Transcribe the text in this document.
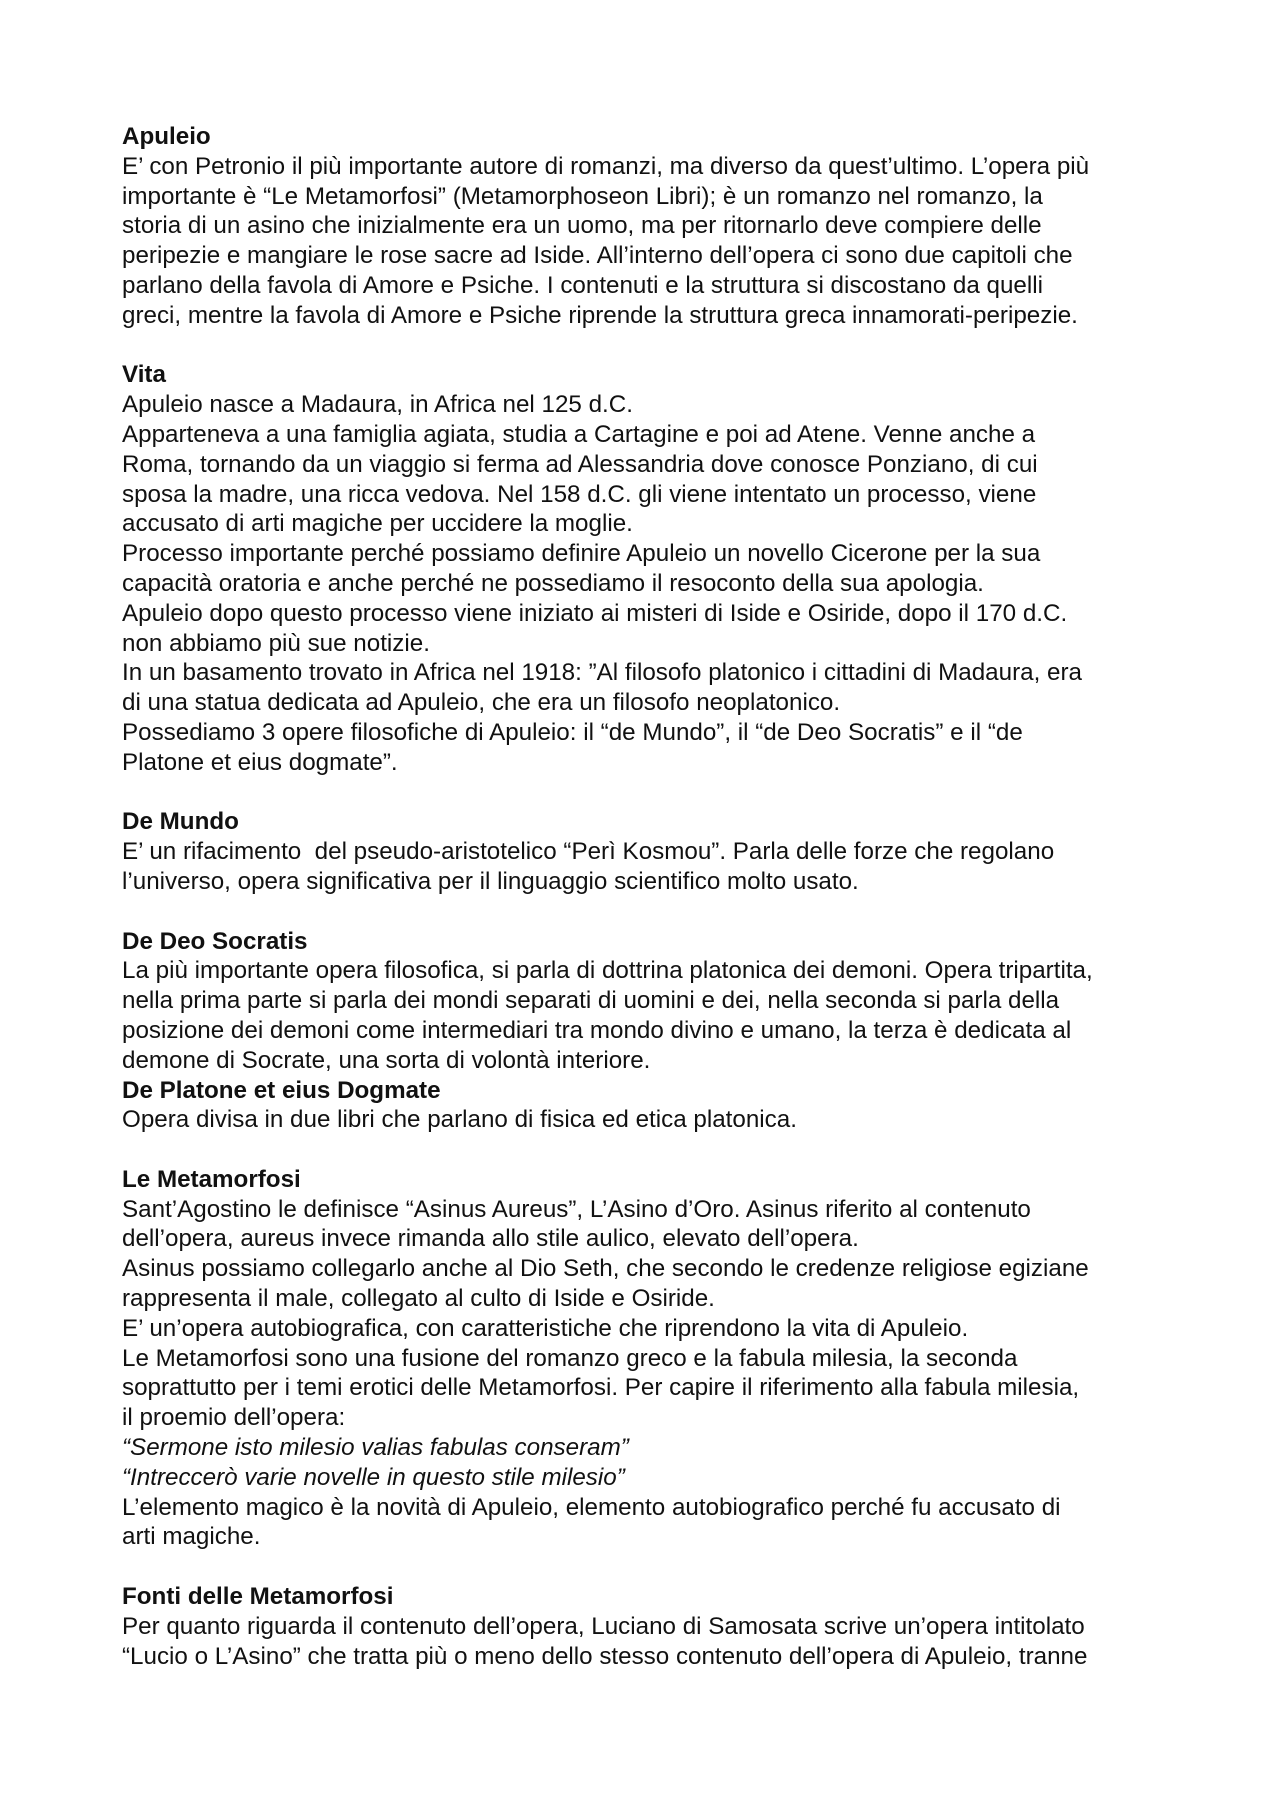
Apuleio
E’ con Petronio il più importante autore di romanzi, ma diverso da quest’ultimo. L’opera più
importante è “Le Metamorfosi” (Metamorphoseon Libri); è un romanzo nel romanzo, la
storia di un asino che inizialmente era un uomo, ma per ritornarlo deve compiere delle
peripezie e mangiare le rose sacre ad Iside. All’interno dell’opera ci sono due capitoli che
parlano della favola di Amore e Psiche. I contenuti e la struttura si discostano da quelli
greci, mentre la favola di Amore e Psiche riprende la struttura greca innamorati-peripezie.
Vita
Apuleio nasce a Madaura, in Africa nel 125 d.C.
Apparteneva a una famiglia agiata, studia a Cartagine e poi ad Atene. Venne anche a
Roma, tornando da un viaggio si ferma ad Alessandria dove conosce Ponziano, di cui
sposa la madre, una ricca vedova. Nel 158 d.C. gli viene intentato un processo, viene
accusato di arti magiche per uccidere la moglie.
Processo importante perché possiamo definire Apuleio un novello Cicerone per la sua
capacità oratoria e anche perché ne possediamo il resoconto della sua apologia.
Apuleio dopo questo processo viene iniziato ai misteri di Iside e Osiride, dopo il 170 d.C.
non abbiamo più sue notizie.
In un basamento trovato in Africa nel 1918: ”Al filosofo platonico i cittadini di Madaura, era
di una statua dedicata ad Apuleio, che era un filosofo neoplatonico.
Possediamo 3 opere filosofiche di Apuleio: il “de Mundo”, il “de Deo Socratis” e il “de
Platone et eius dogmate”.
De Mundo
E’ un rifacimento  del pseudo-aristotelico “Perì Kosmou”. Parla delle forze che regolano
l’universo, opera significativa per il linguaggio scientifico molto usato.
De Deo Socratis
La più importante opera filosofica, si parla di dottrina platonica dei demoni. Opera tripartita,
nella prima parte si parla dei mondi separati di uomini e dei, nella seconda si parla della
posizione dei demoni come intermediari tra mondo divino e umano, la terza è dedicata al
demone di Socrate, una sorta di volontà interiore.
De Platone et eius Dogmate
Opera divisa in due libri che parlano di fisica ed etica platonica.
Le Metamorfosi
Sant’Agostino le definisce “Asinus Aureus”, L’Asino d’Oro. Asinus riferito al contenuto
dell’opera, aureus invece rimanda allo stile aulico, elevato dell’opera.
Asinus possiamo collegarlo anche al Dio Seth, che secondo le credenze religiose egiziane
rappresenta il male, collegato al culto di Iside e Osiride.
E’ un’opera autobiografica, con caratteristiche che riprendono la vita di Apuleio.
Le Metamorfosi sono una fusione del romanzo greco e la fabula milesia, la seconda
soprattutto per i temi erotici delle Metamorfosi. Per capire il riferimento alla fabula milesia,
il proemio dell’opera:
“Sermone isto milesio valias fabulas conseram”
“Intreccerò varie novelle in questo stile milesio”
L’elemento magico è la novità di Apuleio, elemento autobiografico perché fu accusato di
arti magiche.
Fonti delle Metamorfosi
Per quanto riguarda il contenuto dell’opera, Luciano di Samosata scrive un’opera intitolato
“Lucio o L’Asino” che tratta più o meno dello stesso contenuto dell’opera di Apuleio, tranne
